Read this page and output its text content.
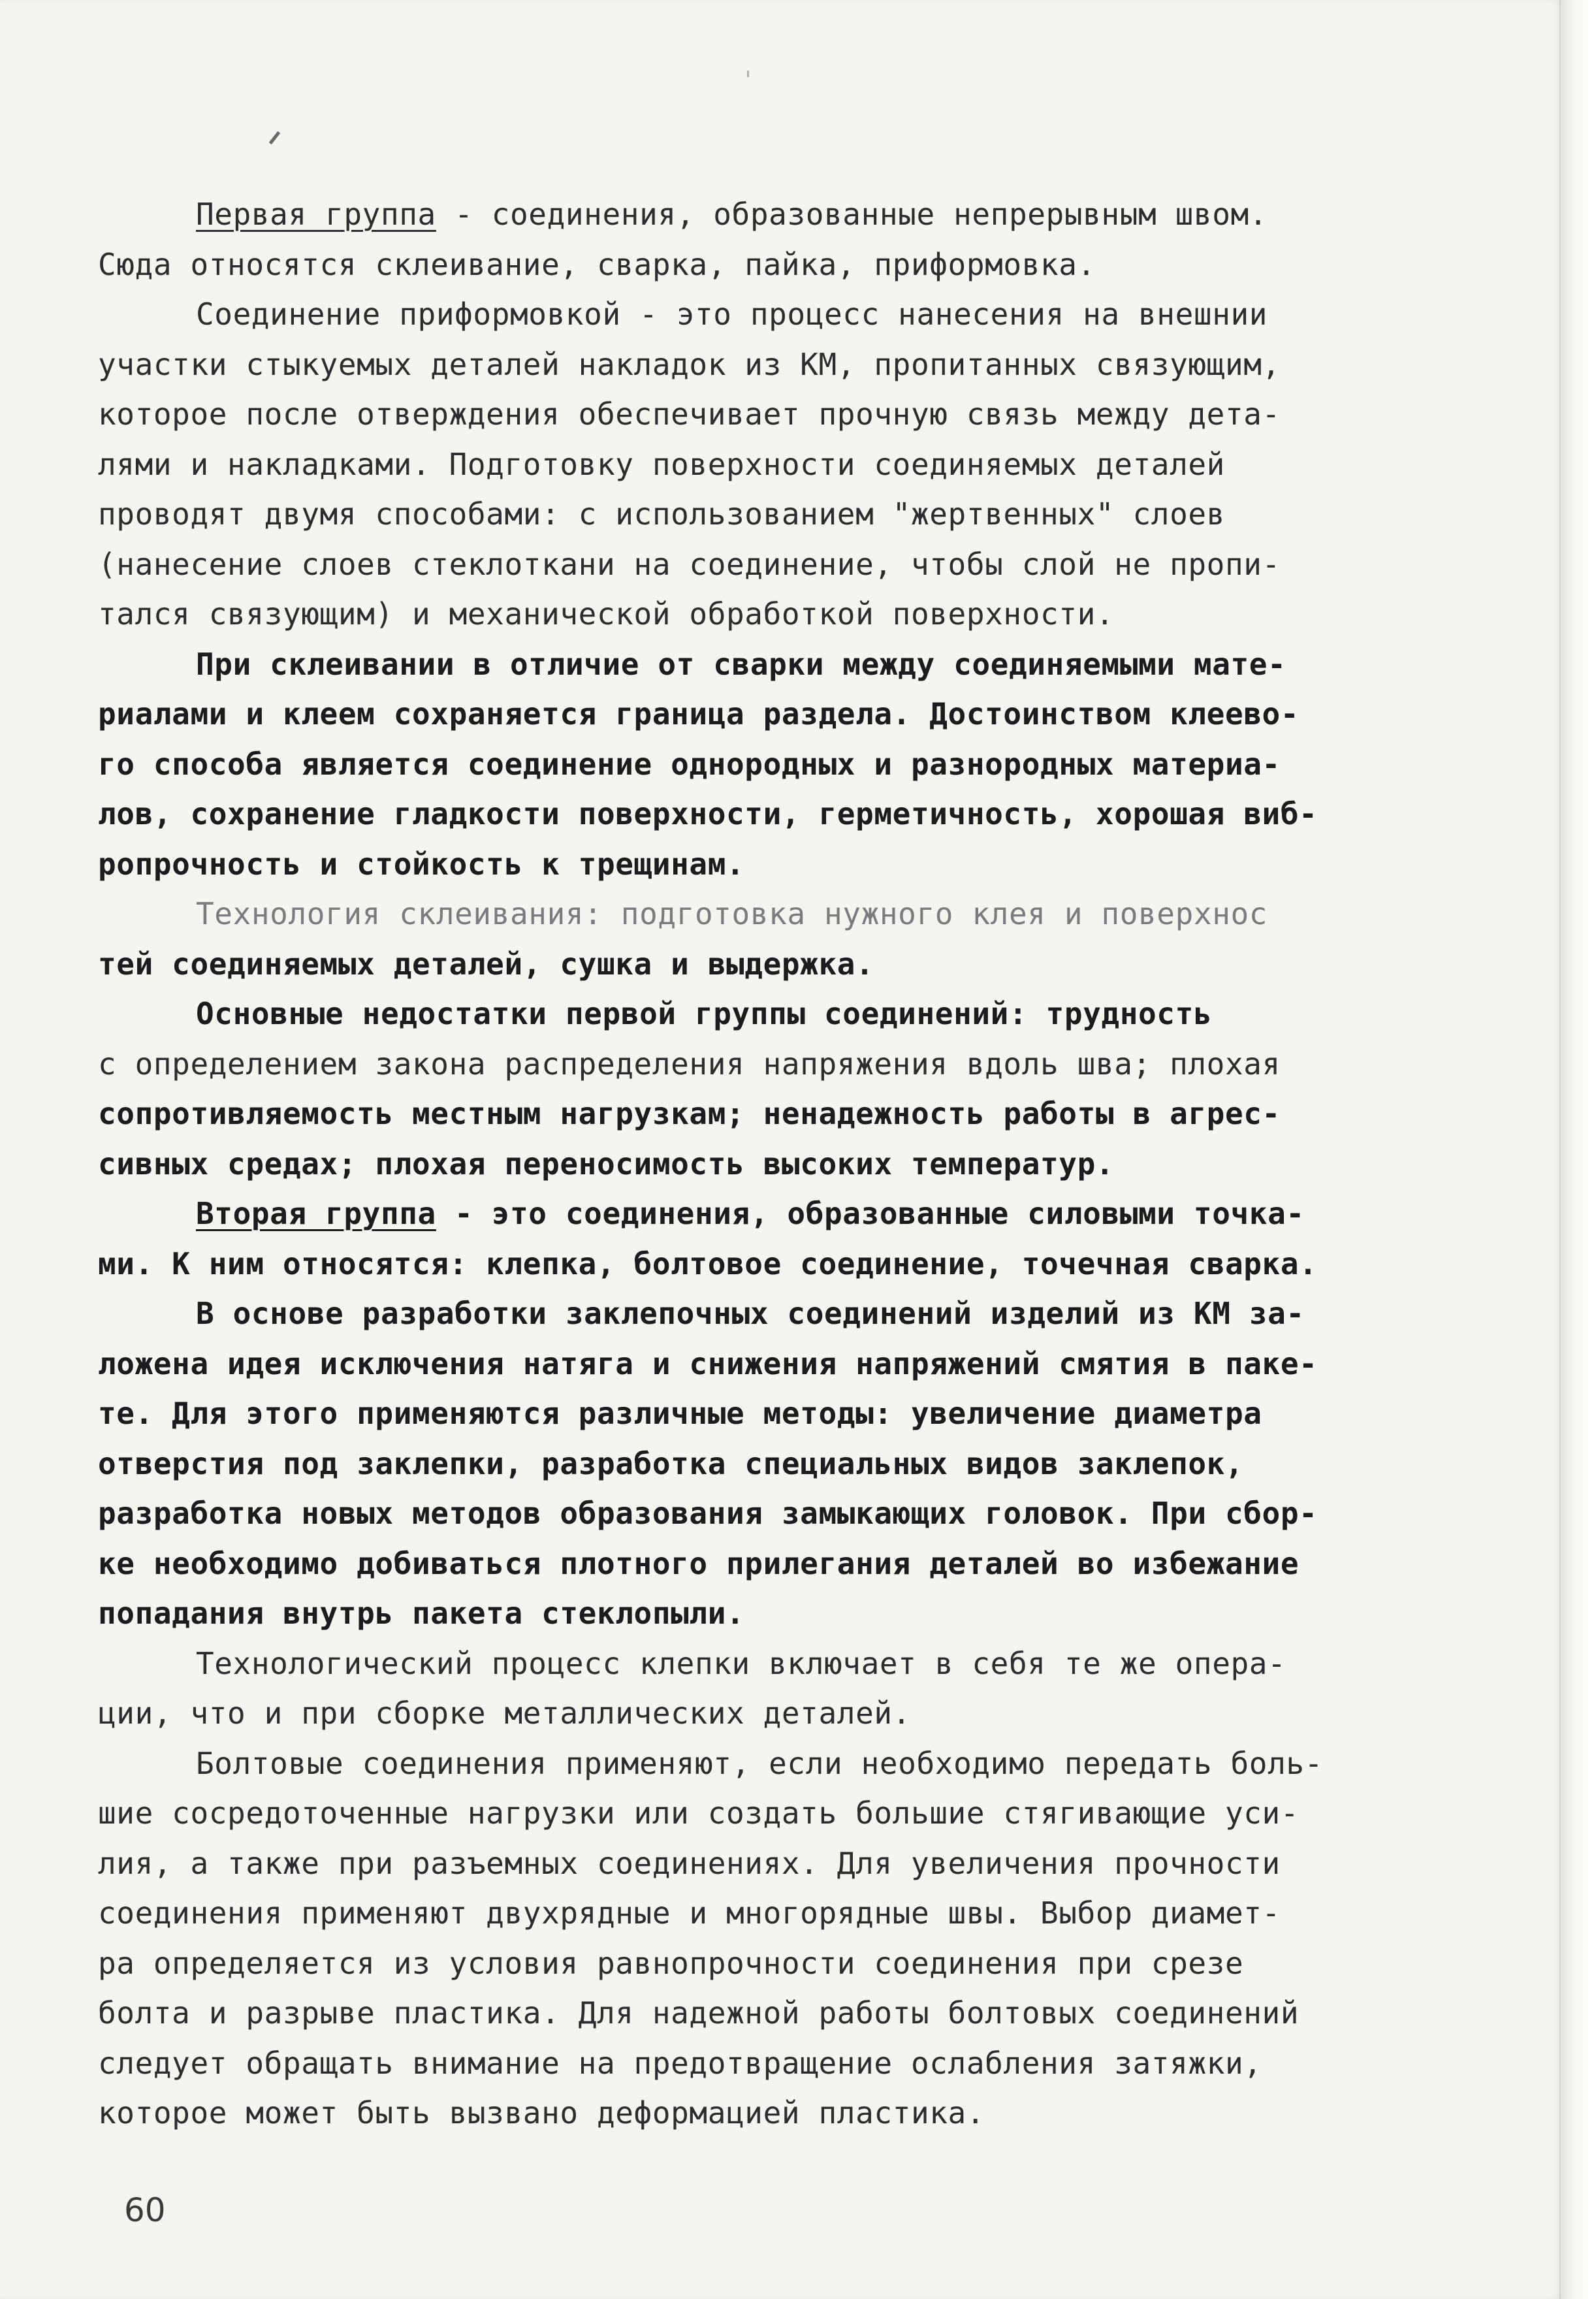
Первая группа - соединения, образованные непрерывным швом.
Сюда относятся склеивание, сварка, пайка, приформовка.
Соединение приформовкой - это процесс нанесения на внешнии
участки стыкуемых деталей накладок из КМ, пропитанных связующим,
которое после отверждения обеспечивает прочную связь между дета-
лями и накладками. Подготовку поверхности соединяемых деталей
проводят двумя способами: с использованием "жертвенных" слоев
(нанесение слоев стеклоткани на соединение, чтобы слой не пропи-
тался связующим) и механической обработкой поверхности.
При склеивании в отличие от сварки между соединяемыми мате-
риалами и клеем сохраняется граница раздела. Достоинством клеево-
го способа является соединение однородных и разнородных материа-
лов, сохранение гладкости поверхности, герметичность, хорошая виб-
ропрочность и стойкость к трещинам.
Технология склеивания: подготовка нужного клея и поверхнос
тей соединяемых деталей, сушка и выдержка.
Основные недостатки первой группы соединений: трудность
с определением закона распределения напряжения вдоль шва; плохая
сопротивляемость местным нагрузкам; ненадежность работы в агрес-
сивных средах; плохая переносимость высоких температур.
Вторая группа - это соединения, образованные силовыми точка-
ми. К ним относятся: клепка, болтовое соединение, точечная сварка.
В основе разработки заклепочных соединений изделий из КМ за-
ложена идея исключения натяга и снижения напряжений смятия в паке-
те. Для этого применяются различные методы: увеличение диаметра
отверстия под заклепки, разработка специальных видов заклепок,
разработка новых методов образования замыкающих головок. При сбор-
ке необходимо добиваться плотного прилегания деталей во избежание
попадания внутрь пакета стеклопыли.
Технологический процесс клепки включает в себя те же опера-
ции, что и при сборке металлических деталей.
Болтовые соединения применяют, если необходимо передать боль-
шие сосредоточенные нагрузки или создать большие стягивающие уси-
лия, а также при разъемных соединениях. Для увеличения прочности
соединения применяют двухрядные и многорядные швы. Выбор диамет-
ра определяется из условия равнопрочности соединения при срезе
болта и разрыве пластика. Для надежной работы болтовых соединений
следует обращать внимание на предотвращение ослабления затяжки,
которое может быть вызвано деформацией пластика.
60
